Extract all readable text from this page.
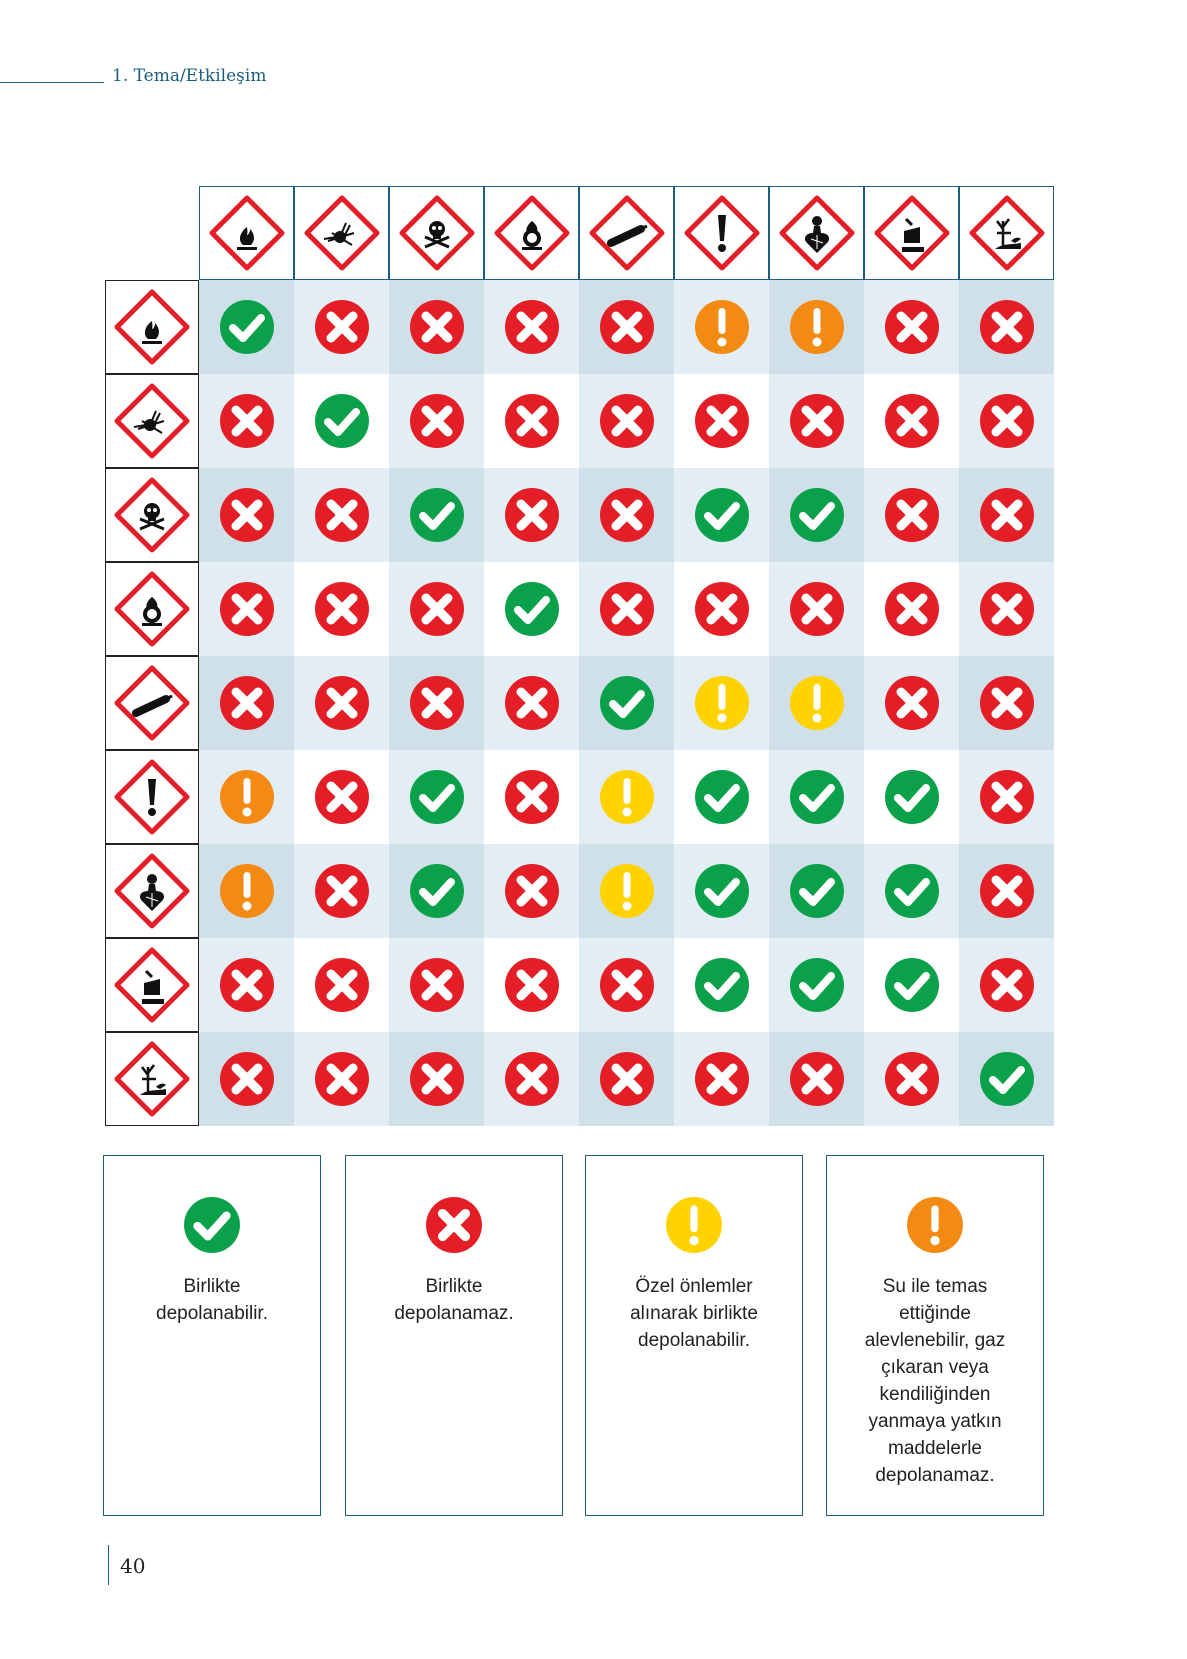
1. Tema/Etkileşim
Birlikte
depolanabilir.
Birlikte
depolanamaz.
Özel önlemler
alınarak birlikte
depolanabilir.
Su ile temas
ettiğinde
alevlenebilir, gaz
çıkaran veya
kendiliğinden
yanmaya yatkın
maddelerle
depolanamaz.
40
